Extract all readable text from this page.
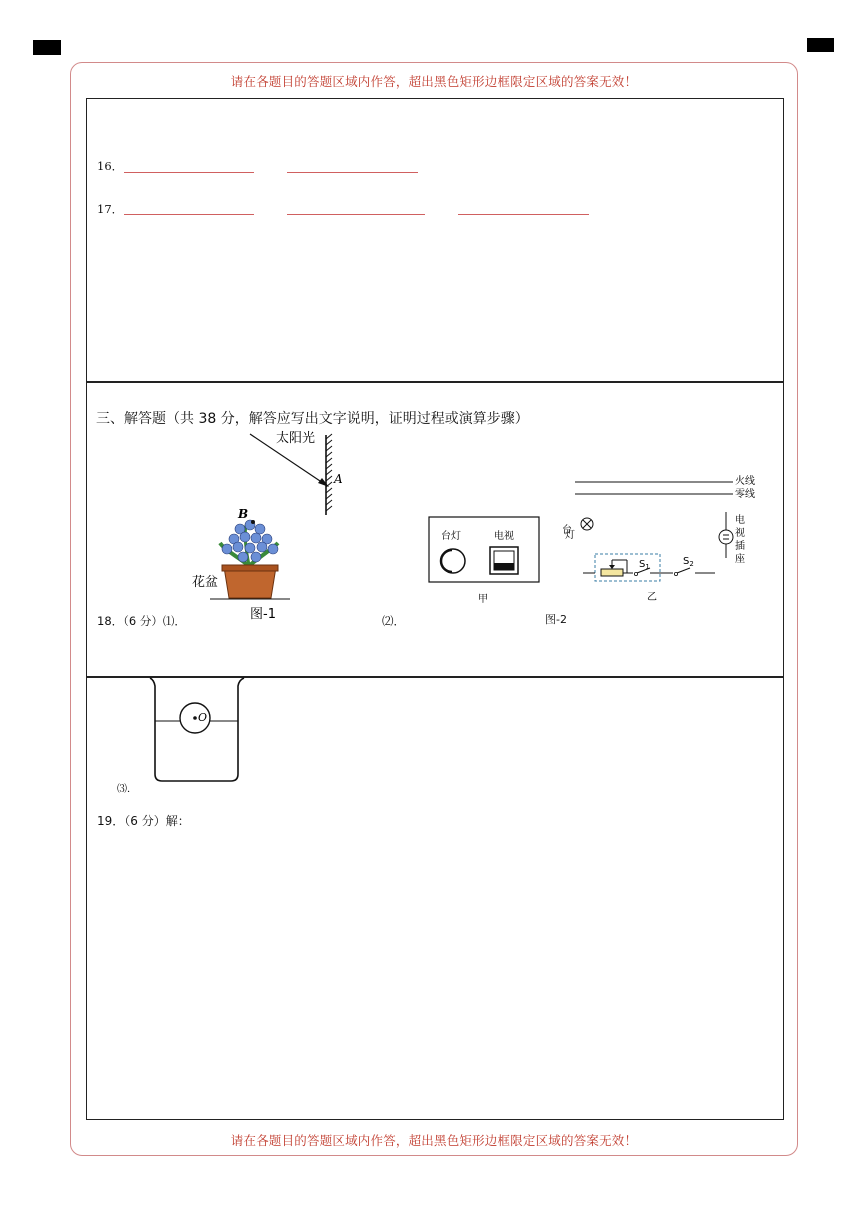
请在各题目的答题区域内作答，超出黑色矩形边框限定区域的答案无效！
请在各题目的答题区域内作答，超出黑色矩形边框限定区域的答案无效！
16．
17．
三、解答题（共 38 分，解答应写出文字说明，证明过程或演算步骤）
太阳光
A
B
花盆
图-1
18．（6 分）⑴．	⑵．
台灯	电视
甲
火线
零线
台
灯
$S_1$	$S_2$
电
视
插
座
乙
图-2
O
⑶．
19．（6 分）解：
